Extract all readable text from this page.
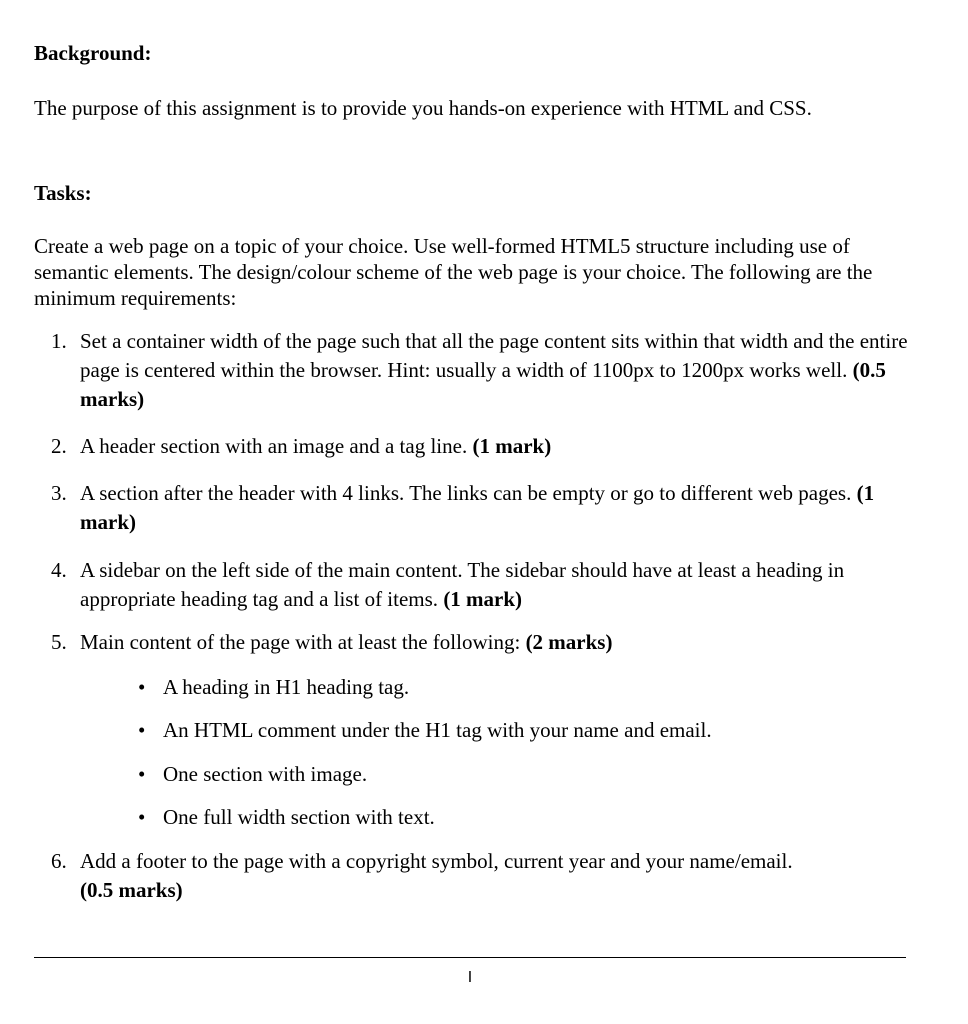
Background:

The purpose of this assignment is to provide you hands-on experience with HTML and CSS.

Tasks:

Create a web page on a topic of your choice. Use well-formed HTML5 structure including use of semantic elements. The design/colour scheme of the web page is your choice. The following are the minimum requirements:

1. Set a container width of the page such that all the page content sits within that width and the entire page is centered within the browser. Hint: usually a width of 1100px to 1200px works well. (0.5 marks)
2. A header section with an image and a tag line. (1 mark)
3. A section after the header with 4 links. The links can be empty or go to different web pages. (1 mark)
4. A sidebar on the left side of the main content. The sidebar should have at least a heading in appropriate heading tag and a list of items. (1 mark)
5. Main content of the page with at least the following: (2 marks)
• A heading in H1 heading tag.
• An HTML comment under the H1 tag with your name and email.
• One section with image.
• One full width section with text.
6. Add a footer to the page with a copyright symbol, current year and your name/email.
(0.5 marks)
I
